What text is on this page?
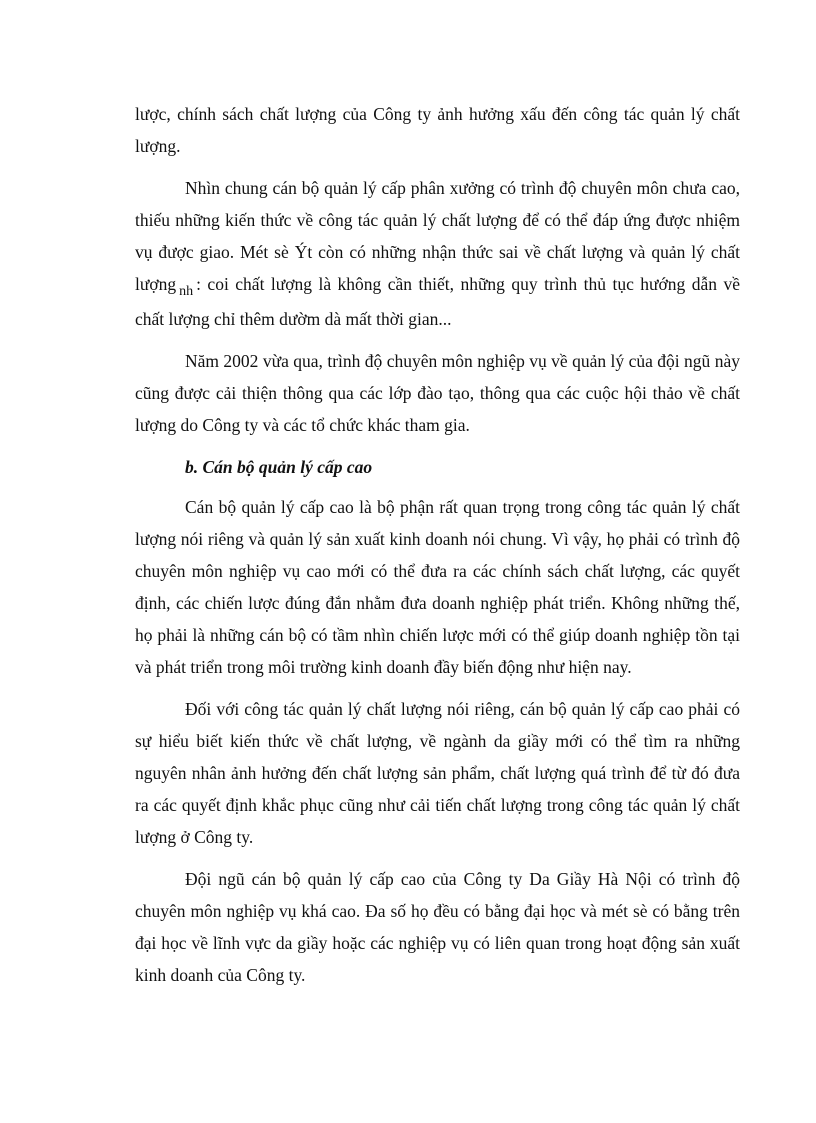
lược, chính sách chất lượng của Công ty ảnh hưởng xấu đến công tác quản lý chất lượng.

Nhìn chung cán bộ quản lý cấp phân xưởng có trình độ chuyên môn chưa cao, thiếu những kiến thức về công tác quản lý chất lượng để có thể đáp ứng được nhiệm vụ được giao. Mét sè Ýt còn có những nhận thức sai về chất lượng và quản lý chất lượng $_{nh}$ : coi chất lượng là không cần thiết, những quy trình thủ tục hướng dẫn về chất lượng chỉ thêm dườm dà mất thời gian...

Năm 2002 vừa qua, trình độ chuyên môn nghiệp vụ về quản lý của đội ngũ này cũng được cải thiện thông qua các lớp đào tạo, thông qua các cuộc hội thảo về chất lượng do Công ty và các tổ chức khác tham gia.

b. Cán bộ quản lý cấp cao

Cán bộ quản lý cấp cao là bộ phận rất quan trọng trong công tác quản lý chất lượng nói riêng và quản lý sản xuất kinh doanh nói chung. Vì vậy, họ phải có trình độ chuyên môn nghiệp vụ cao mới có thể đưa ra các chính sách chất lượng, các quyết định, các chiến lược đúng đắn nhằm đưa doanh nghiệp phát triển. Không những thế, họ phải là những cán bộ có tầm nhìn chiến lược mới có thể giúp doanh nghiệp tồn tại và phát triển trong môi trường kinh doanh đầy biến động như hiện nay.

Đối với công tác quản lý chất lượng nói riêng, cán bộ quản lý cấp cao phải có sự hiểu biết kiến thức về chất lượng, về ngành da giầy mới có thể tìm ra những nguyên nhân ảnh hưởng đến chất lượng sản phẩm, chất lượng quá trình để từ đó đưa ra các quyết định khắc phục cũng như cải tiến chất lượng trong công tác quản lý chất lượng ở Công ty.

Đội ngũ cán bộ quản lý cấp cao của Công ty Da Giầy Hà Nội có trình độ chuyên môn nghiệp vụ khá cao. Đa số họ đều có bằng đại học và mét sè có bằng trên đại học về lĩnh vực da giầy hoặc các nghiệp vụ có liên quan trong hoạt động sản xuất kinh doanh của Công ty.
